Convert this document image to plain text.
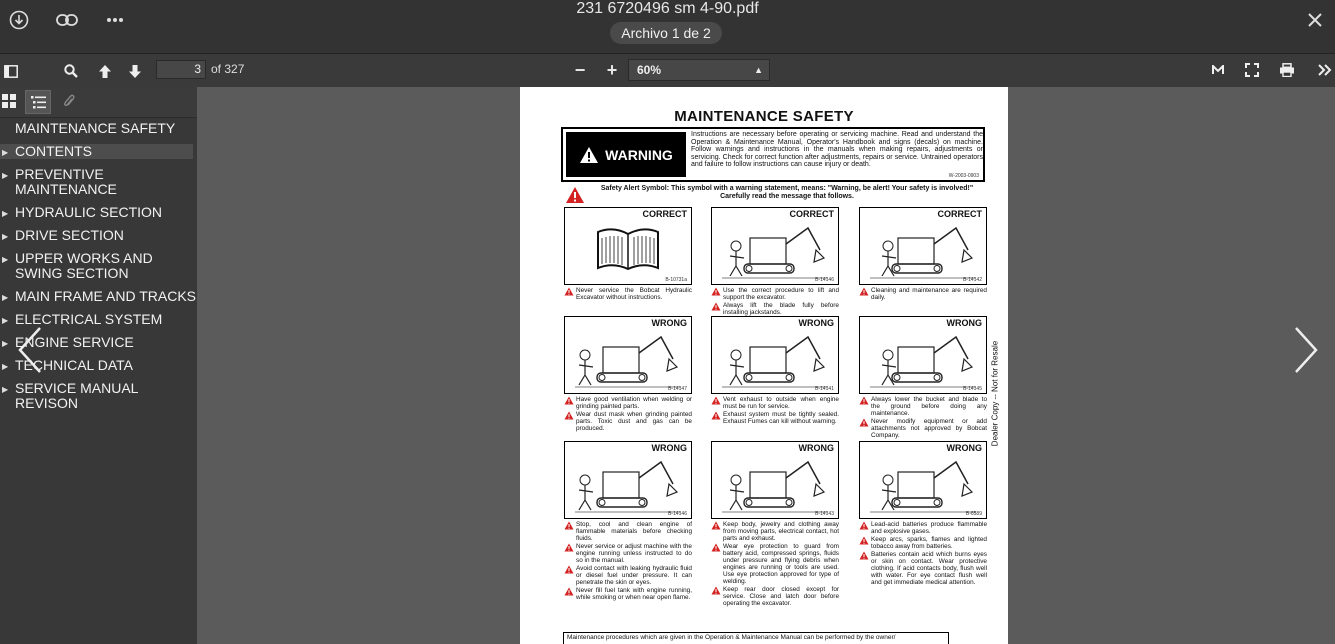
231 6720496 sm 4-90.pdf
Archivo 1 de 2
3 of 327	−	+	60%	▲

MAINTENANCE SAFETY
▶ CONTENTS
▶ PREVENTIVE MAINTENANCE
▶ HYDRAULIC SECTION
▶ DRIVE SECTION
▶ UPPER WORKS AND SWING SECTION
▶ MAIN FRAME AND TRACKS
▶ ELECTRICAL SYSTEM
▶ ENGINE SERVICE
▶ TECHNICAL DATA
▶ SERVICE MANUAL REVISON
MAINTENANCE SAFETY
WARNING
Instructions are necessary before operating or servicing machine. Read and understand the Operation & Maintenance Manual, Operator's Handbook and signs (decals) on machine. Follow warnings and instructions in the manuals when making repairs, adjustments or servicing. Check for correct function after adjustments, repairs or service. Untrained operators and failure to follow instructions can cause injury or death.
W-2003-0903
Safety Alert Symbol: This symbol with a warning statement, means: "Warning, be alert! Your safety is involved!" Carefully read the message that follows.
CORRECT
B-10731a
Never service the Bobcat Hydraulic Excavator without instructions.
CORRECT
B-14146
Use the correct procedure to lift and support the excavator.
Always lift the blade fully before installing jackstands.
CORRECT
B-14142
Cleaning and maintenance are required daily.
WRONG
B-14147
Have good ventilation when welding or grinding painted parts.
Wear dust mask when grinding painted parts. Toxic dust and gas can be produced.
WRONG
B-14141
Vent exhaust to outside when engine must be run for service.
Exhaust system must be tightly sealed. Exhaust Fumes can kill without warning.
WRONG
B-14145
Always lower the bucket and blade to the ground before doing any maintenance.
Never modify equipment or add attachments not approved by Bobcat Company.
WRONG
B-14146
Stop, cool and clean engine of flammable materials before checking fluids.
Never service or adjust machine with the engine running unless instructed to do so in the manual.
Avoid contact with leaking hydraulic fluid or diesel fuel under pressure. It can penetrate the skin or eyes.
Never fill fuel tank with engine running, while smoking or when near open flame.
WRONG
B-14143
Keep body, jewelry and clothing away from moving parts, electrical contact, hot parts and exhaust.
Wear eye protection to guard from battery acid, compressed springs, fluids under pressure and flying debris when engines are running or tools are used. Use eye protection approved for type of welding.
Keep rear door closed except for service. Close and latch door before operating the excavator.
WRONG
B-6589
Lead-acid batteries produce flammable and explosive gases.
Keep arcs, sparks, flames and lighted tobacco away from batteries.
Batteries contain acid which burns eyes or skin on contact. Wear protective clothing. If acid contacts body, flush well with water. For eye contact flush well and get immediate medical attention.
Dealer Copy -- Not for Resale
Maintenance procedures which are given in the Operation & Maintenance Manual can be performed by the owner/
